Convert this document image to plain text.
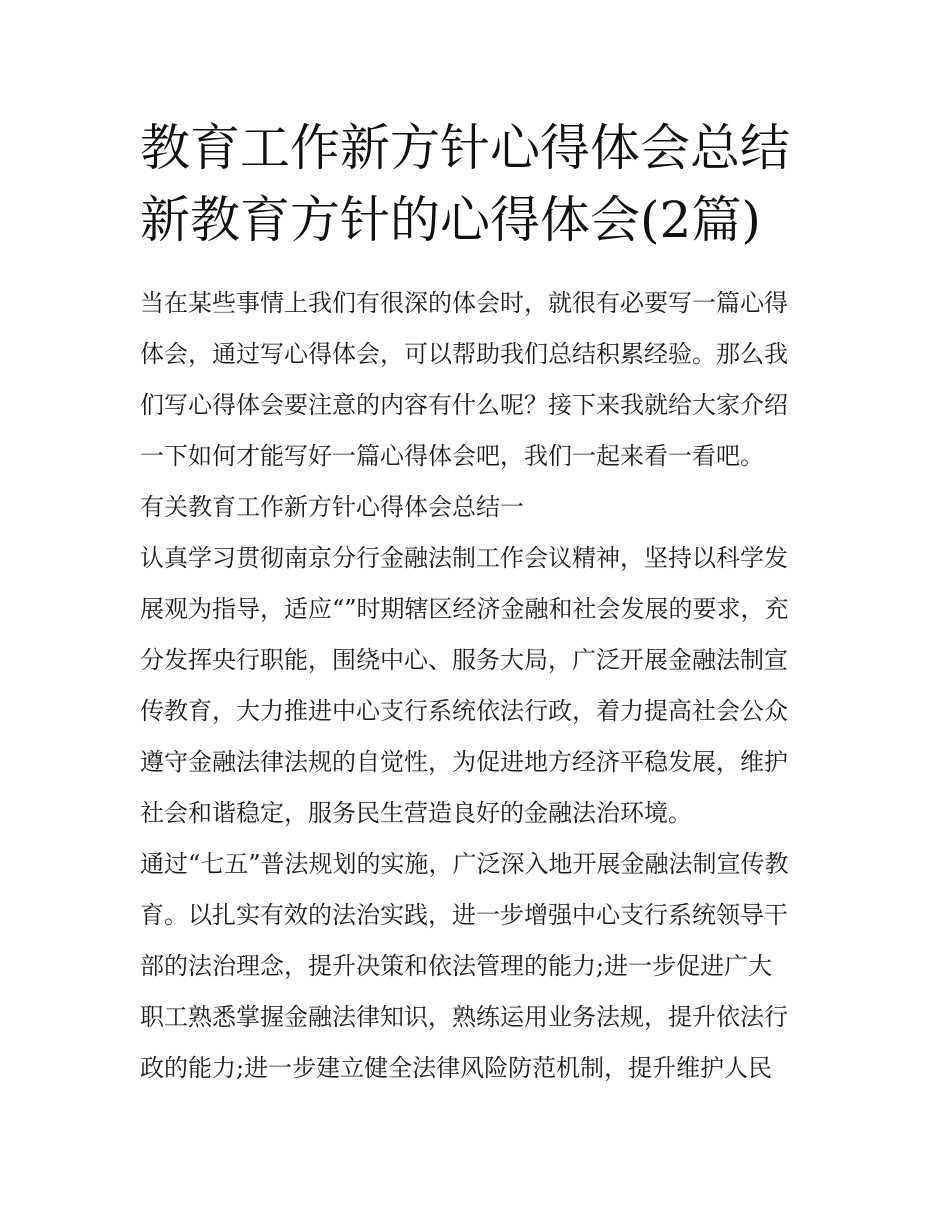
教育工作新方针心得体会总结
新教育方针的心得体会(2篇)
当在某些事情上我们有很深的体会时，就很有必要写一篇心得
体会，通过写心得体会，可以帮助我们总结积累经验。那么我
们写心得体会要注意的内容有什么呢？接下来我就给大家介绍
一下如何才能写好一篇心得体会吧，我们一起来看一看吧。
有关教育工作新方针心得体会总结一
认真学习贯彻南京分行金融法制工作会议精神，坚持以科学发
展观为指导，适应“”时期辖区经济金融和社会发展的要求，充
分发挥央行职能，围绕中心、服务大局，广泛开展金融法制宣
传教育，大力推进中心支行系统依法行政，着力提高社会公众
遵守金融法律法规的自觉性，为促进地方经济平稳发展，维护
社会和谐稳定，服务民生营造良好的金融法治环境。
通过“七五”普法规划的实施，广泛深入地开展金融法制宣传教
育。以扎实有效的法治实践，进一步增强中心支行系统领导干
部的法治理念，提升决策和依法管理的能力;进一步促进广大
职工熟悉掌握金融法律知识，熟练运用业务法规，提升依法行
政的能力;进一步建立健全法律风险防范机制，提升维护人民
